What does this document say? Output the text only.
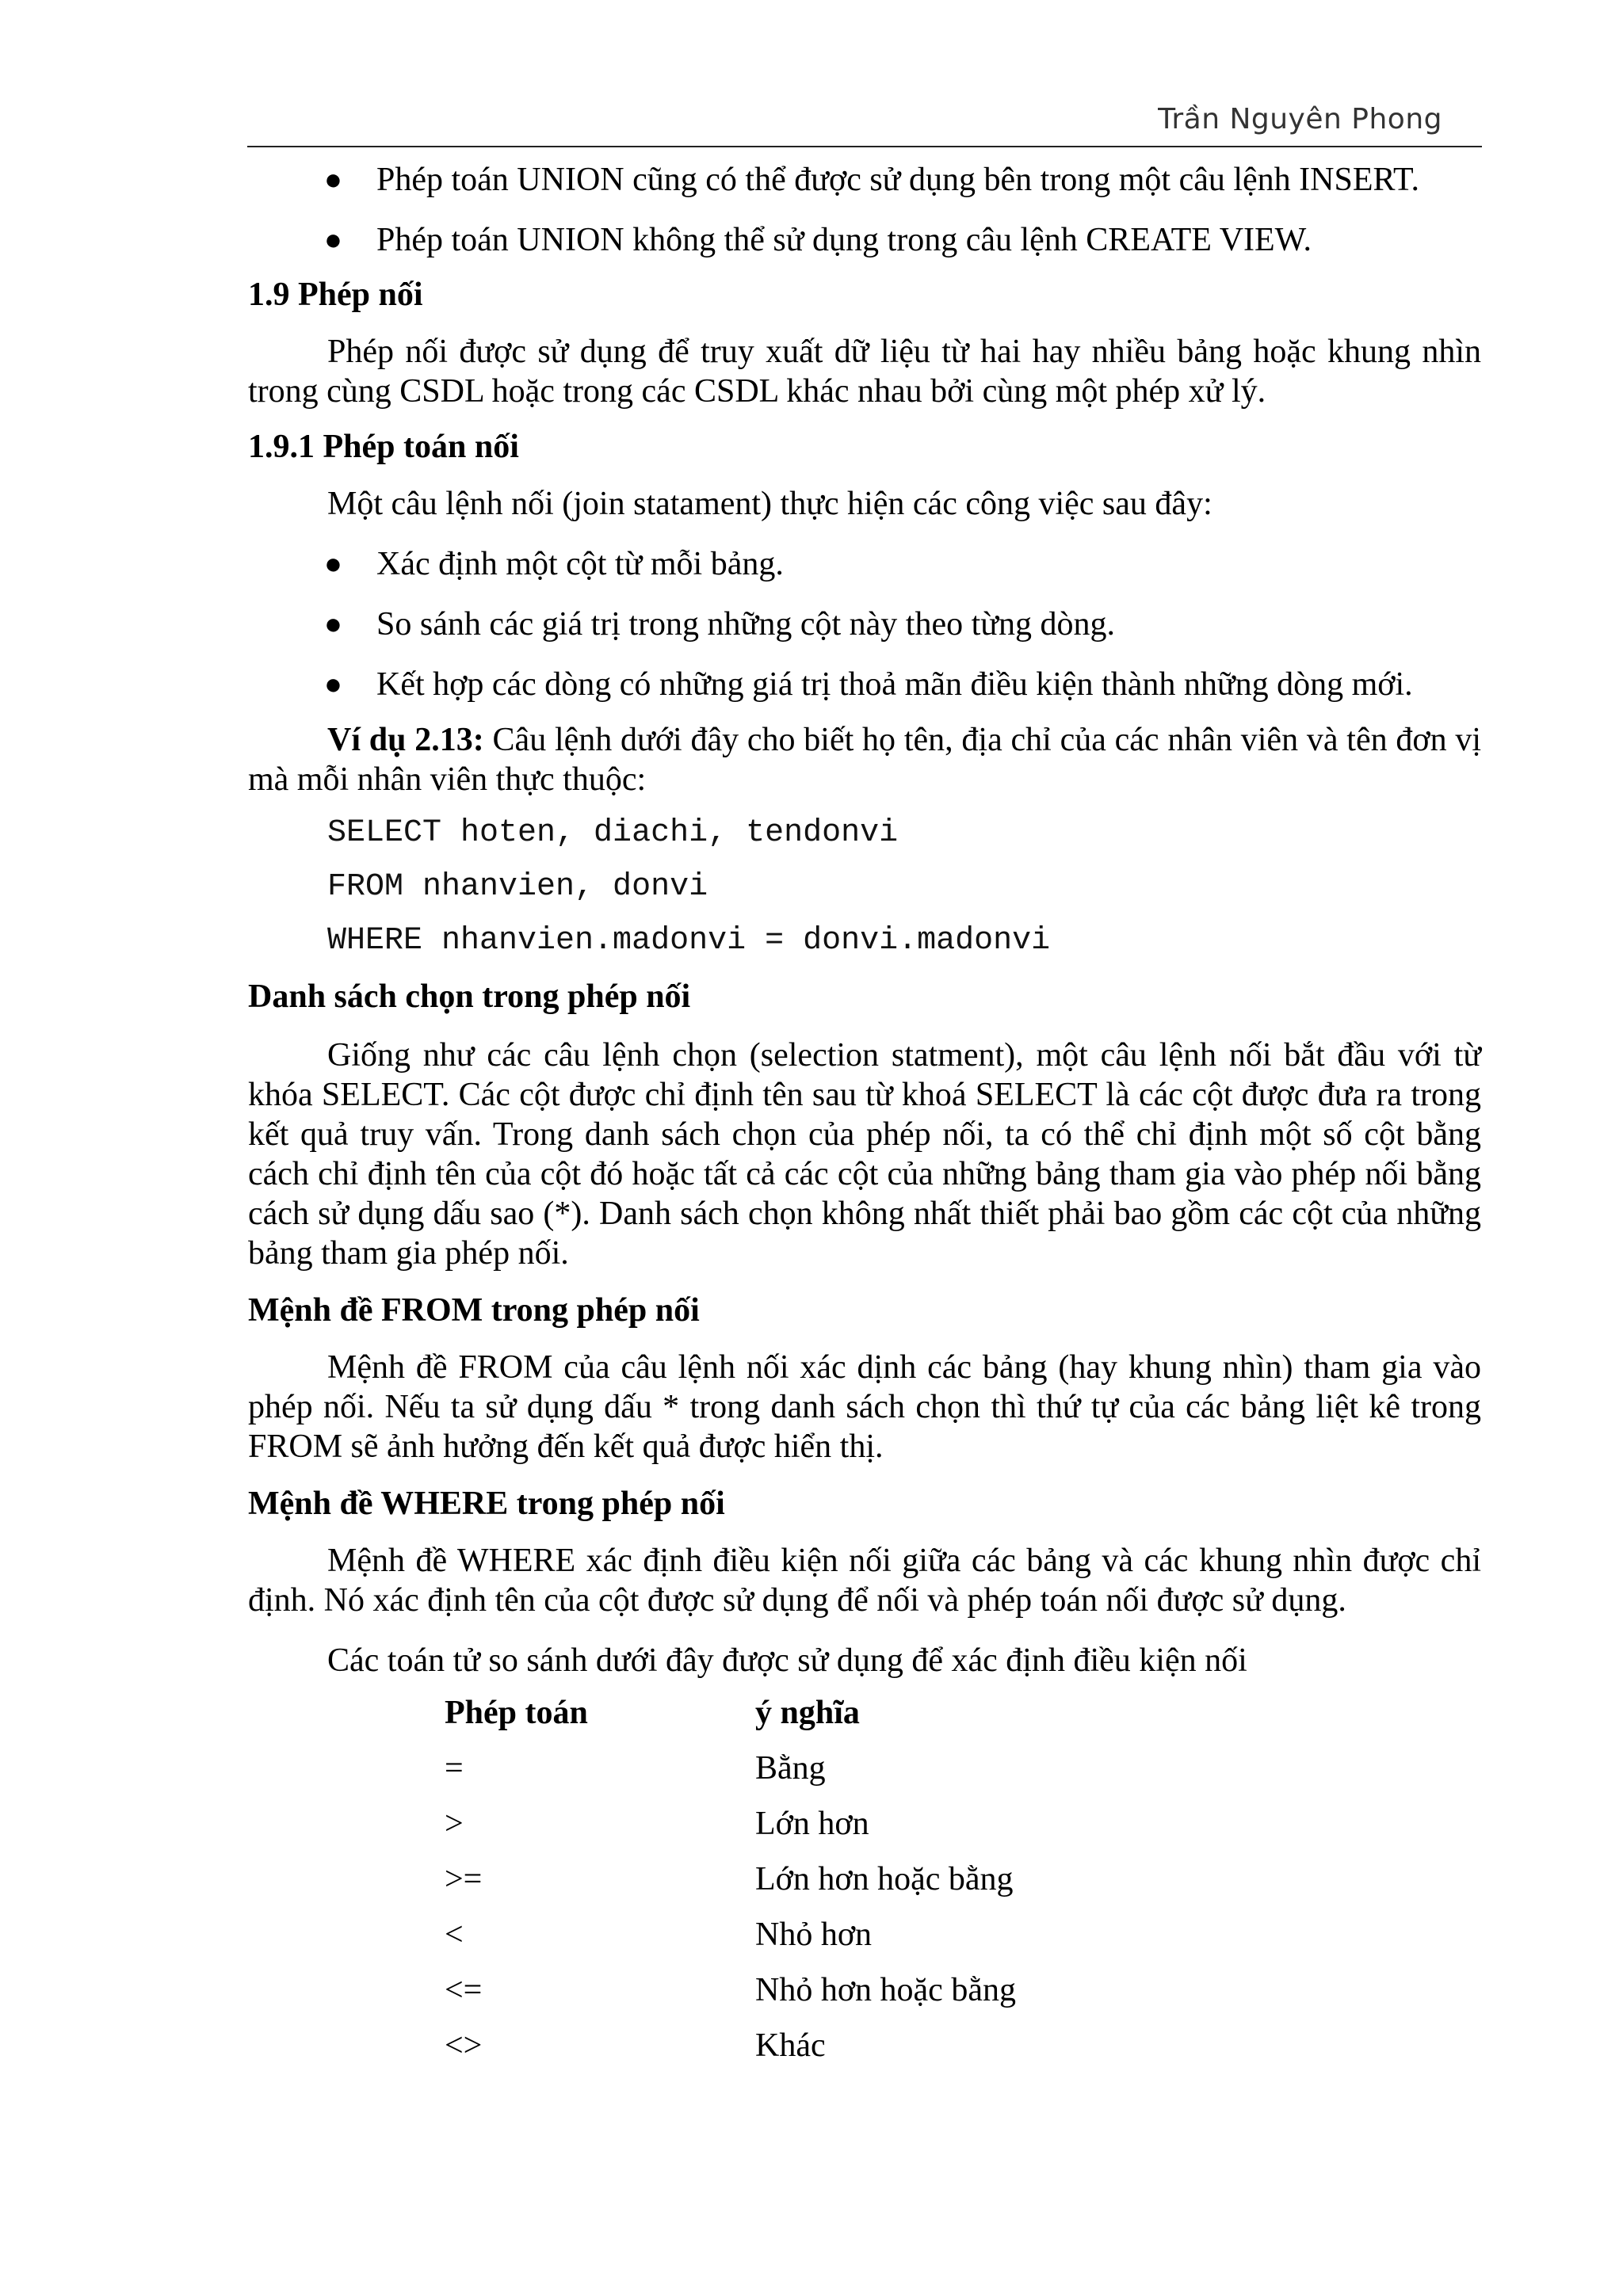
Trần Nguyên Phong

● Phép toán UNION cũng có thể được sử dụng bên trong một câu lệnh INSERT.

● Phép toán UNION không thể sử dụng trong câu lệnh CREATE VIEW.

1.9 Phép nối

Phép nối được sử dụng để truy xuất dữ liệu từ hai hay nhiều bảng hoặc khung nhìn trong cùng CSDL hoặc trong các CSDL khác nhau bởi cùng một phép xử lý.

1.9.1 Phép toán nối

Một câu lệnh nối (join statament) thực hiện các công việc sau đây:

● Xác định một cột từ mỗi bảng.

● So sánh các giá trị trong những cột này theo từng dòng.

● Kết hợp các dòng có những giá trị thoả mãn điều kiện thành những dòng mới.

Ví dụ 2.13: Câu lệnh dưới đây cho biết họ tên, địa chỉ của các nhân viên và tên đơn vị mà mỗi nhân viên thực thuộc:

SELECT hoten, diachi, tendonvi

FROM nhanvien, donvi

WHERE nhanvien.madonvi = donvi.madonvi

Danh sách chọn trong phép nối

Giống như các câu lệnh chọn (selection statment), một câu lệnh nối bắt đầu với từ khóa SELECT. Các cột được chỉ định tên sau từ khoá SELECT là các cột được đưa ra trong kết quả truy vấn. Trong danh sách chọn của phép nối, ta có thể chỉ định một số cột bằng cách chỉ định tên của cột đó hoặc tất cả các cột của những bảng tham gia vào phép nối bằng cách sử dụng dấu sao (*). Danh sách chọn không nhất thiết phải bao gồm các cột của những bảng tham gia phép nối.

Mệnh đề FROM trong phép nối

Mệnh đề FROM của câu lệnh nối xác dịnh các bảng (hay khung nhìn) tham gia vào phép nối. Nếu ta sử dụng dấu * trong danh sách chọn thì thứ tự của các bảng liệt kê trong FROM sẽ ảnh hưởng đến kết quả được hiển thị.

Mệnh đề WHERE trong phép nối

Mệnh đề WHERE xác định điều kiện nối giữa các bảng và các khung nhìn được chỉ định. Nó xác định tên của cột được sử dụng để nối và phép toán nối được sử dụng.

Các toán tử so sánh dưới đây được sử dụng để xác định điều kiện nối

Phép toán	ý nghĩa
=	Bằng
>	Lớn hơn
>=	Lớn hơn hoặc bằng
<	Nhỏ hơn
<=	Nhỏ hơn hoặc bằng
<>	Khác
